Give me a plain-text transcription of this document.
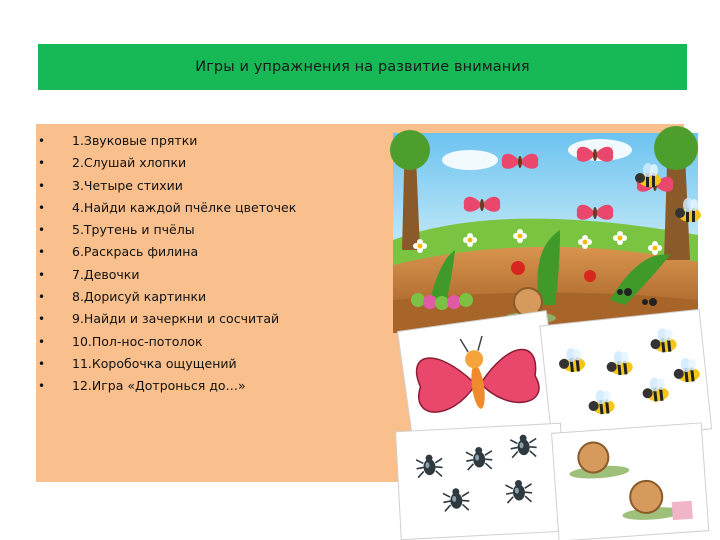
Игры и упражнения на развитие внимания
• 1.Звуковые прятки
• 2.Слушай хлопки
• 3.Четыре стихии
• 4.Найди каждой пчёлке цветочек
• 5.Трутень и пчёлы
• 6.Раскрась филина
• 7.Девочки
• 8.Дорисуй картинки
• 9.Найди и зачеркни и сосчитай
• 10.Пол-нос-потолок
• 11.Коробочка ощущений
• 12.Игра «Дотронься до…»
